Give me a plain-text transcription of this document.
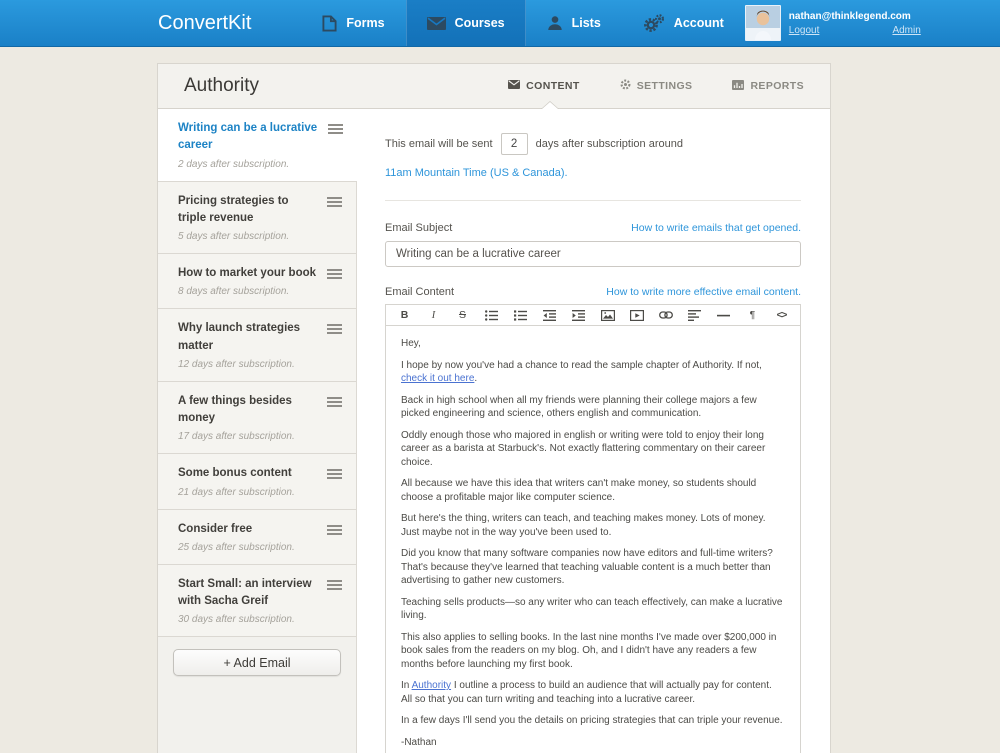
ConvertKit	Forms	Courses	Lists	Account	nathan@thinklegend.com
Logout	Admin
Authority	CONTENT	SETTINGS	REPORTS
Writing can be a lucrative career
2 days after subscription.
Pricing strategies to triple revenue
5 days after subscription.
How to market your book
8 days after subscription.
Why launch strategies matter
12 days after subscription.
A few things besides money
17 days after subscription.
Some bonus content
21 days after subscription.
Consider free
25 days after subscription.
Start Small: an interview with Sacha Greif
30 days after subscription.
+ Add Email
This email will be sent
2	days after subscription around
11am Mountain Time (US & Canada).
Email Subject	How to write emails that get opened.
Writing can be a lucrative career
Email Content	How to write more effective email content.
B I S	¶	<>

Hey,

I hope by now you've had a chance to read the sample chapter of Authority. If not, check it out here.

Back in high school when all my friends were planning their college majors a few picked engineering and science, others english and communication.

Oddly enough those who majored in english or writing were told to enjoy their long career as a barista at Starbuck's. Not exactly flattering commentary on their career choice.

All because we have this idea that writers can't make money, so students should choose a profitable major like computer science.

But here's the thing, writers can teach, and teaching makes money. Lots of money. Just maybe not in the way you've been used to.

Did you know that many software companies now have editors and full-time writers? That's because they've learned that teaching valuable content is a much better than advertising to gather new customers.

Teaching sells products—so any writer who can teach effectively, can make a lucrative living.

This also applies to selling books. In the last nine months I've made over $200,000 in book sales from the readers on my blog. Oh, and I didn't have any readers a few months before launching my first book.

In Authority I outline a process to build an audience that will actually pay for content. All so that you can turn writing and teaching into a lucrative career.

In a few days I'll send you the details on pricing strategies that can triple your revenue.

-Nathan
